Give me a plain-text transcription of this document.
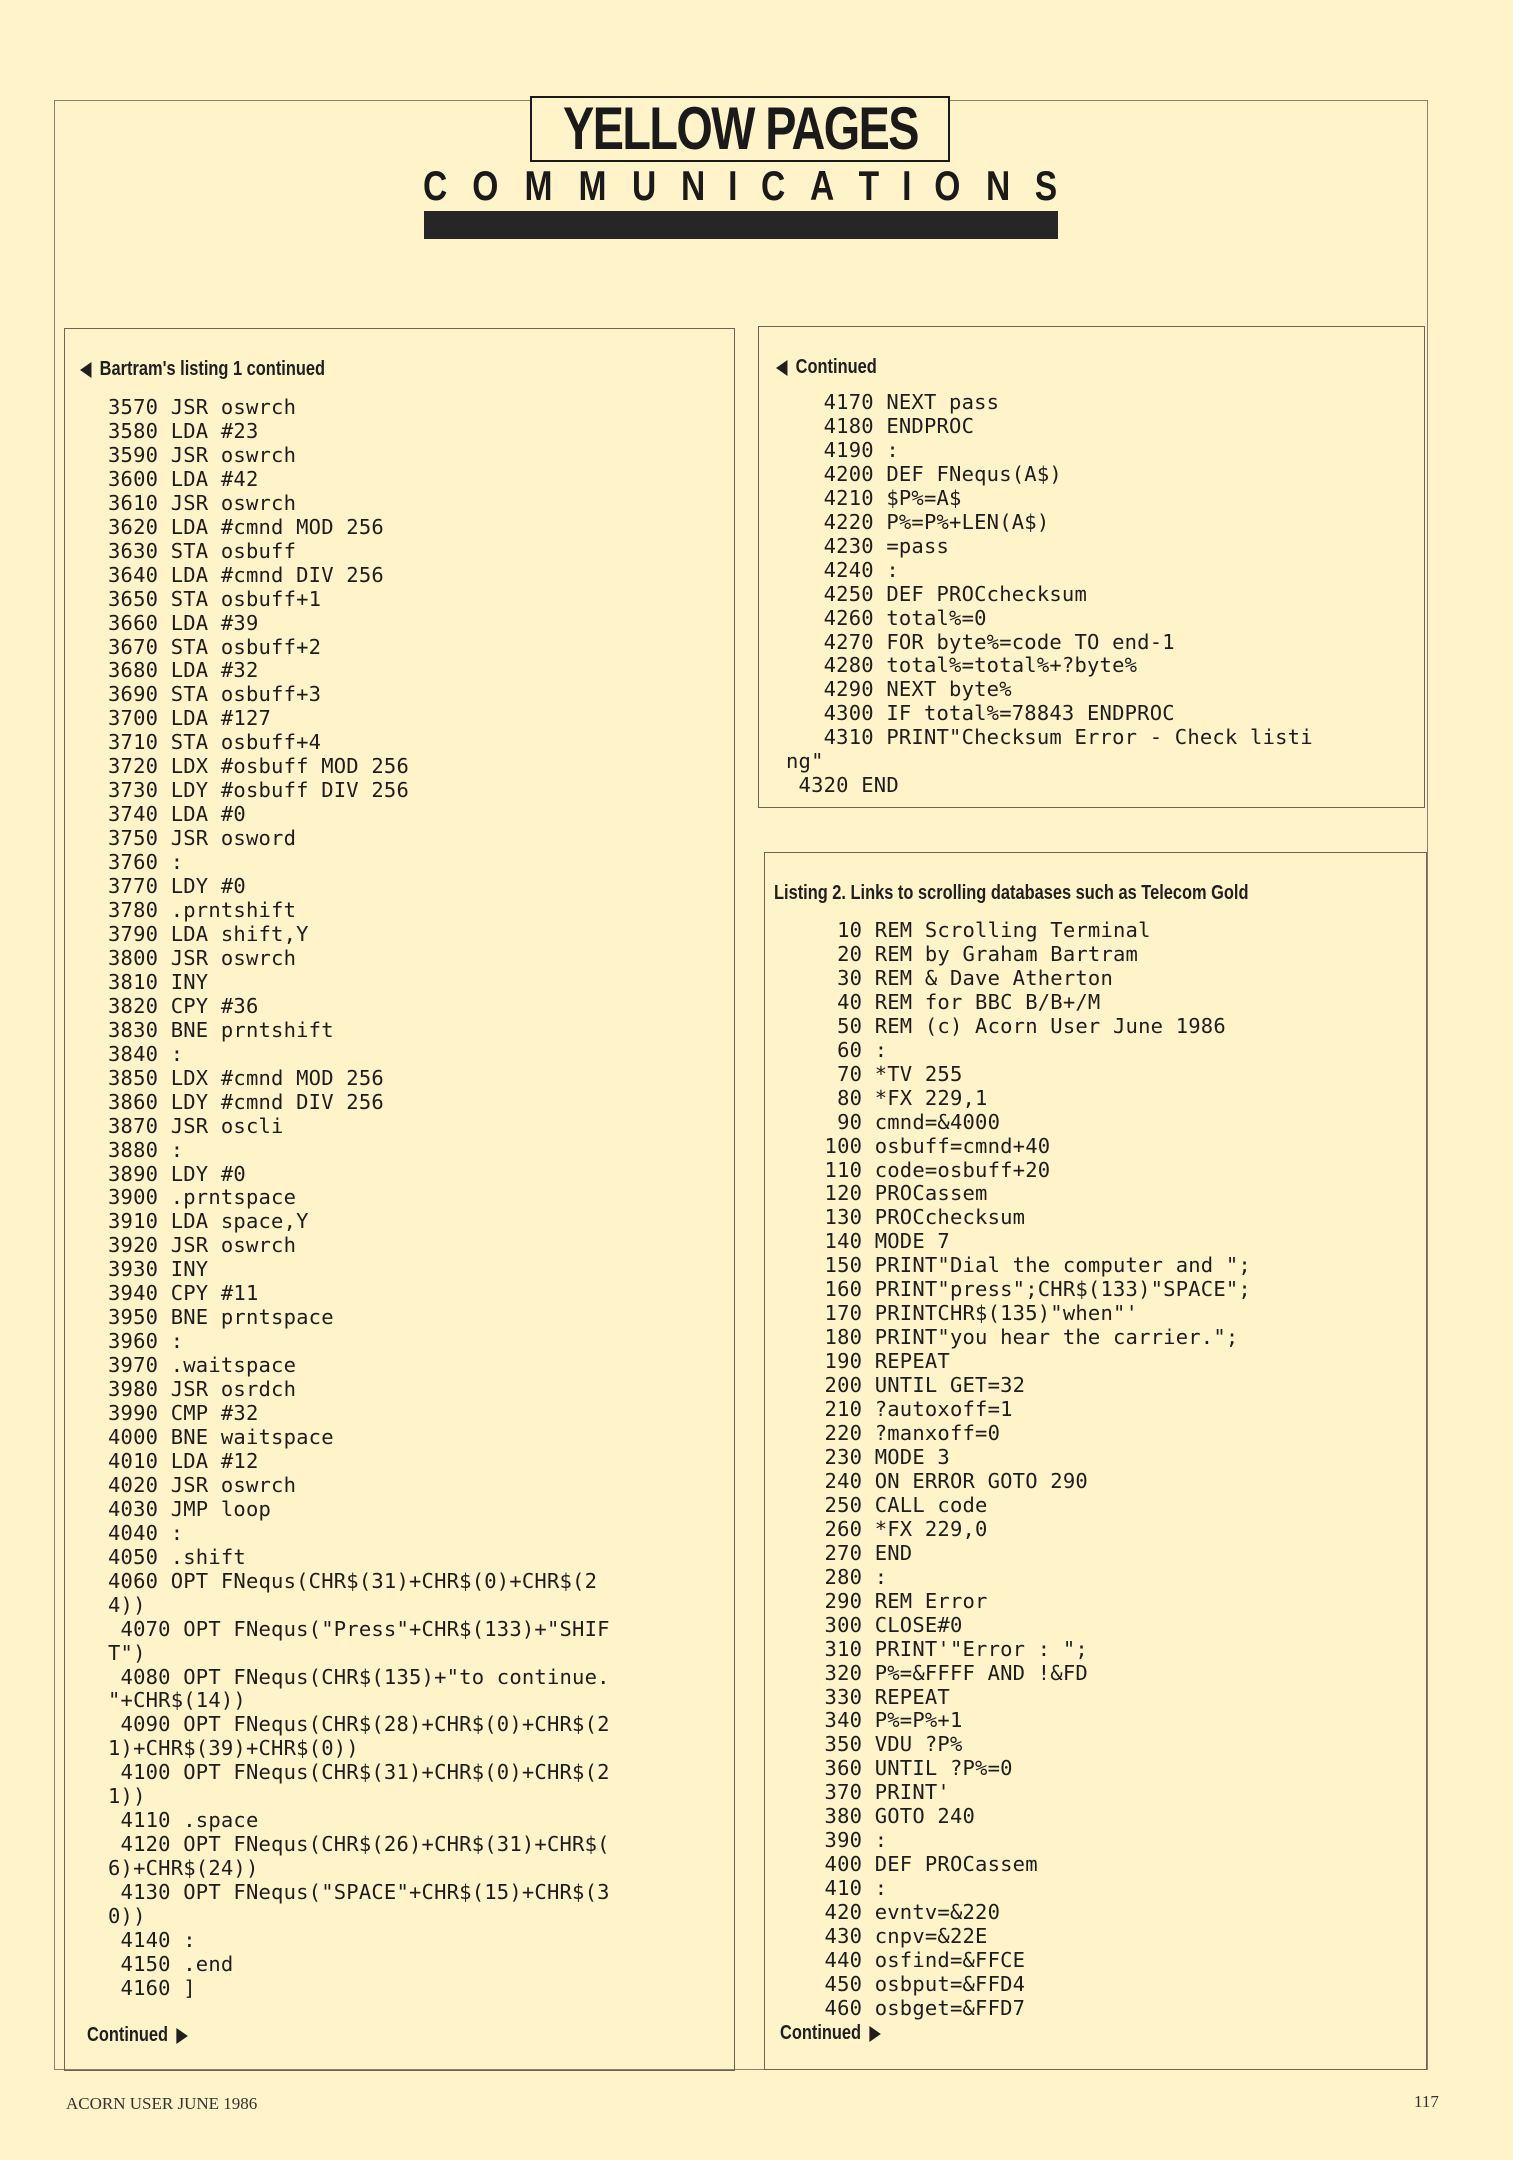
YELLOW PAGES
C O M M U N I C A T I O N S
Bartram's listing 1 continued
3570 JSR oswrch
3580 LDA #23
3590 JSR oswrch
3600 LDA #42
3610 JSR oswrch
3620 LDA #cmnd MOD 256
3630 STA osbuff
3640 LDA #cmnd DIV 256
3650 STA osbuff+1
3660 LDA #39
3670 STA osbuff+2
3680 LDA #32
3690 STA osbuff+3
3700 LDA #127
3710 STA osbuff+4
3720 LDX #osbuff MOD 256
3730 LDY #osbuff DIV 256
3740 LDA #0
3750 JSR osword
3760 :
3770 LDY #0
3780 .prntshift
3790 LDA shift,Y
3800 JSR oswrch
3810 INY
3820 CPY #36
3830 BNE prntshift
3840 :
3850 LDX #cmnd MOD 256
3860 LDY #cmnd DIV 256
3870 JSR oscli
3880 :
3890 LDY #0
3900 .prntspace
3910 LDA space,Y
3920 JSR oswrch
3930 INY
3940 CPY #11
3950 BNE prntspace
3960 :
3970 .waitspace
3980 JSR osrdch
3990 CMP #32
4000 BNE waitspace
4010 LDA #12
4020 JSR oswrch
4030 JMP loop
4040 :
4050 .shift
4060 OPT FNequs(CHR$(31)+CHR$(0)+CHR$(2
4))
4070 OPT FNequs("Press"+CHR$(133)+"SHIF
T")
4080 OPT FNequs(CHR$(135)+"to continue.
"+CHR$(14))
4090 OPT FNequs(CHR$(28)+CHR$(0)+CHR$(2
1)+CHR$(39)+CHR$(0))
4100 OPT FNequs(CHR$(31)+CHR$(0)+CHR$(2
1))
4110 .space
4120 OPT FNequs(CHR$(26)+CHR$(31)+CHR$(
6)+CHR$(24))
4130 OPT FNequs("SPACE"+CHR$(15)+CHR$(3
0))
4140 :
4150 .end
4160 ]
Continued
Continued
4170 NEXT pass
4180 ENDPROC
4190 :
4200 DEF FNequs(A$)
4210 $P%=A$
4220 P%=P%+LEN(A$)
4230 =pass
4240 :
4250 DEF PROCchecksum
4260 total%=0
4270 FOR byte%=code TO end-1
4280 total%=total%+?byte%
4290 NEXT byte%
4300 IF total%=78843 ENDPROC
4310 PRINT"Checksum Error - Check listi
ng"
4320 END
Listing 2. Links to scrolling databases such as Telecom Gold
10 REM Scrolling Terminal
20 REM by Graham Bartram
30 REM & Dave Atherton
40 REM for BBC B/B+/M
50 REM (c) Acorn User June 1986
60 :
70 *TV 255
80 *FX 229,1
90 cmnd=&4000
100 osbuff=cmnd+40
110 code=osbuff+20
120 PROCassem
130 PROCchecksum
140 MODE 7
150 PRINT"Dial the computer and ";
160 PRINT"press";CHR$(133)"SPACE";
170 PRINTCHR$(135)"when"'
180 PRINT"you hear the carrier.";
190 REPEAT
200 UNTIL GET=32
210 ?autoxoff=1
220 ?manxoff=0
230 MODE 3
240 ON ERROR GOTO 290
250 CALL code
260 *FX 229,0
270 END
280 :
290 REM Error
300 CLOSE#0
310 PRINT'"Error : ";
320 P%=&FFFF AND !&FD
330 REPEAT
340 P%=P%+1
350 VDU ?P%
360 UNTIL ?P%=0
370 PRINT'
380 GOTO 240
390 :
400 DEF PROCassem
410 :
420 evntv=&220
430 cnpv=&22E
440 osfind=&FFCE
450 osbput=&FFD4
460 osbget=&FFD7
Continued
ACORN USER JUNE 1986	117
